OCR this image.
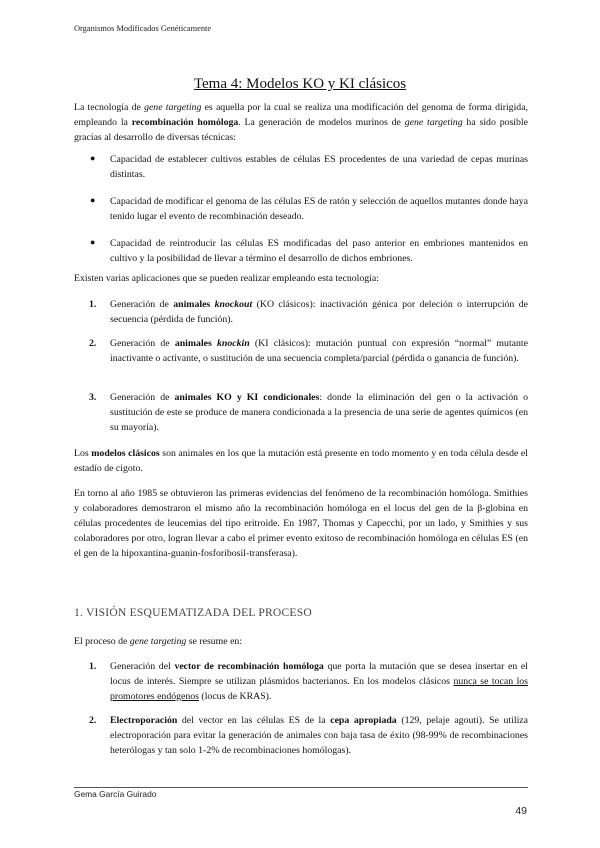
Organismos Modificados Genéticamente
Tema 4: Modelos KO y KI clásicos

La tecnología de gene targeting es aquella por la cual se realiza una modificación del genoma de forma dirigida, empleando la recombinación homóloga. La generación de modelos murinos de gene targeting ha sido posible gracias al desarrollo de diversas técnicas:

● Capacidad de establecer cultivos estables de células ES procedentes de una variedad de cepas murinas distintas.

● Capacidad de modificar el genoma de las células ES de ratón y selección de aquellos mutantes donde haya tenido lugar el evento de recombinación deseado.

● Capacidad de reintroducir las células ES modificadas del paso anterior en embriones mantenidos en cultivo y la posibilidad de llevar a término el desarrollo de dichos embriones.

Existen varias aplicaciones que se pueden realizar empleando esta tecnología:

1. Generación de animales knockout (KO clásicos): inactivación génica por deleción o interrupción de secuencia (pérdida de función).

2. Generación de animales knockin (KI clásicos): mutación puntual con expresión “normal” mutante inactivante o activante, o sustitución de una secuencia completa/parcial (pérdida o ganancia de función).

3. Generación de animales KO y KI condicionales: donde la eliminación del gen o la activación o sustitución de este se produce de manera condicionada a la presencia de una serie de agentes químicos (en su mayoría).

Los modelos clásicos son animales en los que la mutación está presente en todo momento y en toda célula desde el estadío de cigoto.

En torno al año 1985 se obtuvieron las primeras evidencias del fenómeno de la recombinación homóloga. Smithies y colaboradores demostraron el mismo año la recombinación homóloga en el locus del gen de la β-globina en células procedentes de leucemias del tipo eritroide. En 1987, Thomas y Capecchi, por un lado, y Smithies y sus colaboradores por otro, logran llevar a cabo el primer evento exitoso de recombinación homóloga en células ES (en el gen de la hipoxantina-guanin-fosforibosil-transferasa).

1. VISIÓN ESQUEMATIZADA DEL PROCESO

El proceso de gene targeting se resume en:

1. Generación del vector de recombinación homóloga que porta la mutación que se desea insertar en el locus de interés. Siempre se utilizan plásmidos bacterianos. En los modelos clásicos nunca se tocan los promotores endógenos (locus de KRAS).

2. Electroporación del vector en las células ES de la cepa apropiada (129, pelaje agouti). Se utiliza electroporación para evitar la generación de animales con baja tasa de éxito (98-99% de recombinaciones heterólogas y tan solo 1-2% de recombinaciones homólogas).

Gema García Guirado
49
